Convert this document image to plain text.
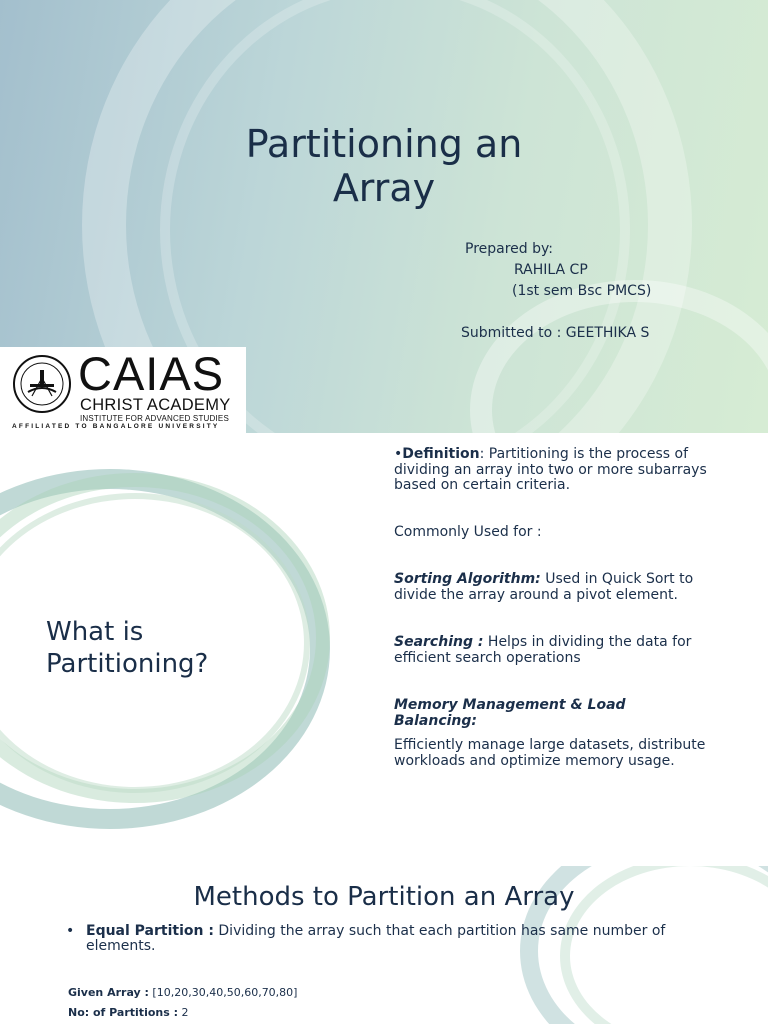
Partitioning an
Array
Prepared by:
RAHILA CP
(1st sem Bsc PMCS)
Submitted to : GEETHIKA S
CAIAS
CHRIST ACADEMY
INSTITUTE FOR ADVANCED STUDIES
AFFILIATED TO BANGALORE UNIVERSITY
What is
Partitioning?

•Definition: Partitioning is the process of dividing an array into two or more subarrays based on certain criteria.

Commonly Used for :

Sorting Algorithm: Used in Quick Sort to divide the array around a pivot element.

Searching : Helps in dividing the data for efficient search operations

Memory Management & Load Balancing:

Efficiently manage large datasets, distribute workloads and optimize memory usage.

Methods to Partition an Array
• Equal Partition : Dividing the array such that each partition has same number of elements.

Given Array : [10,20,30,40,50,60,70,80]
No: of Partitions : 2
